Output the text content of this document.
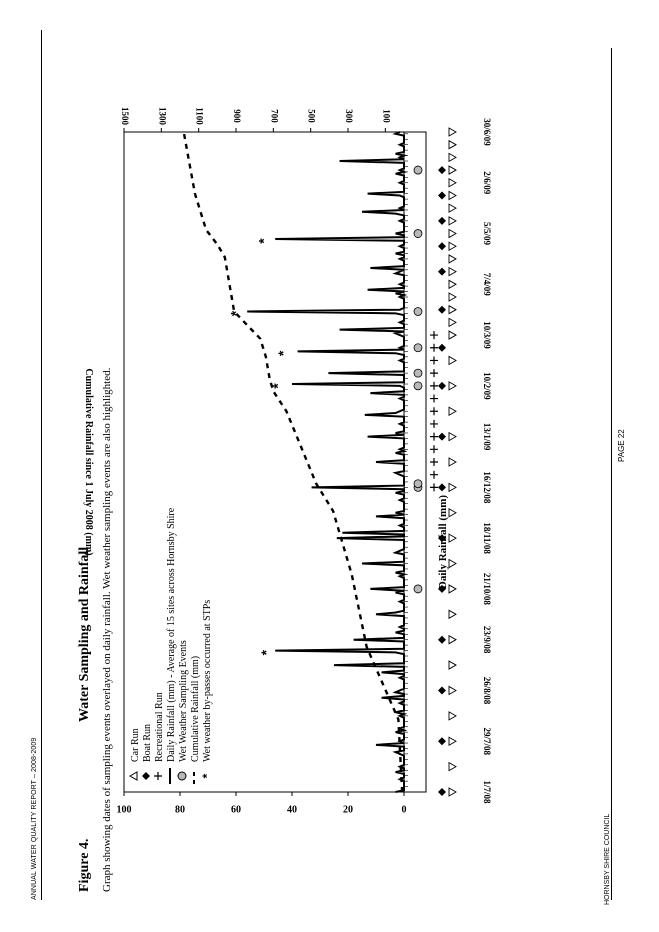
ANNUAL WATER QUALITY REPORT – 2008-2009	HORNSBY SHIRE COUNCIL
PAGE 22
Figure 4.
Water Sampling and Rainfall Graph showing dates of sampling events overlayed on daily rainfall. Wet weather sampling events are also highlighted. Car Run Boat Run Recreational Run Daily Rainfall (mm) - Average of 15 sites across Hornsby Shire Wet Weather Sampling Events Cumulative Rainfall (mm)
*
Wet weather by-passes occurred at STPs
0
20
40
60
80
100
100
300
500
700
900
1100
1300
1500
1/7/08
29/7/08
26/8/08
23/9/08
21/10/08
18/11/08
16/12/08
13/1/09
10/2/09
10/3/09
7/4/09
5/5/09
2/6/09
30/6/09
*
*
*
*
*
Daily Rainfall (mm)
Cumulative Rainfall since 1 July 2008 (mm)
